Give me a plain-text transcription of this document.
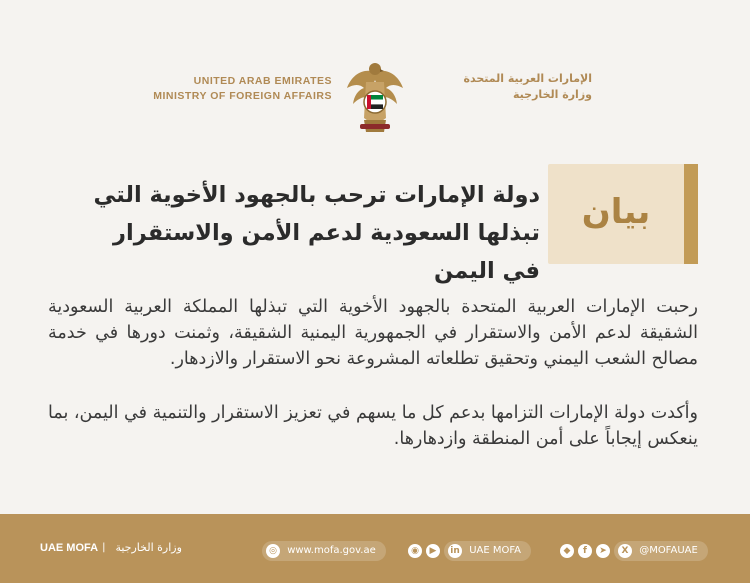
UNITED ARAB EMIRATES
MINISTRY OF FOREIGN AFFAIRS
الإمارات العربية المتحدة
وزارة الخارجية
بيان
دولة الإمارات ترحب بالجهود الأخوية التي تبذلها السعودية لدعم الأمن والاستقرار في اليمن

رحبت الإمارات العربية المتحدة بالجهود الأخوية التي تبذلها المملكة العربية السعودية الشقيقة لدعم الأمن والاستقرار في الجمهورية اليمنية الشقيقة، وثمنت دورها في خدمة مصالح الشعب اليمني وتحقيق تطلعاته المشروعة نحو الاستقرار والازدهار.

وأكدت دولة الإمارات التزامها بدعم كل ما يسهم في تعزيز الاستقرار والتنمية في اليمن، بما ينعكس إيجاباً على أمن المنطقة وازدهارها.

UAE MOFA | وزارة الخارجية	◎ www.mofa.gov.ae	◉	▶	in UAE MOFA	◆	f	➤	X @MOFAUAE
